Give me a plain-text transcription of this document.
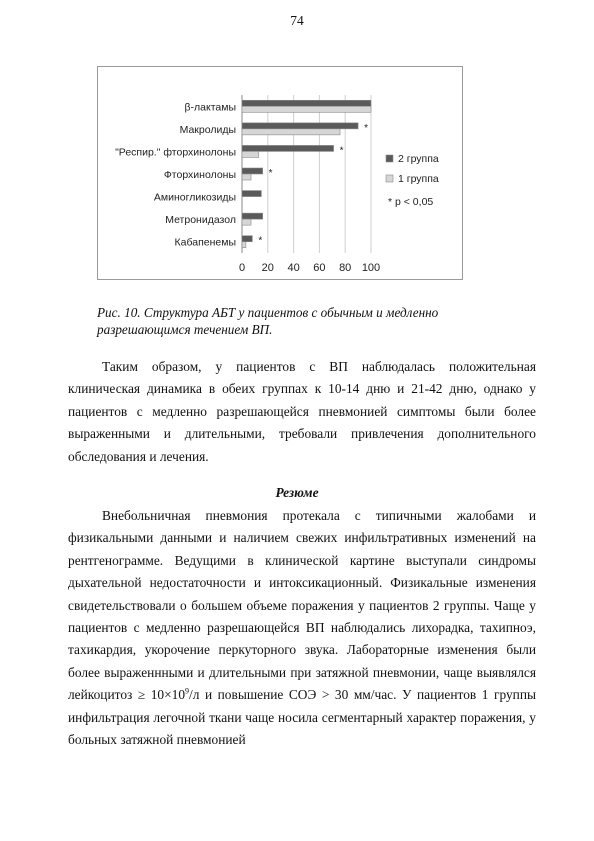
74
0 20 40 60 80 100
β-лактамы
Макролиды	*
"Респир." фторхинолоны	*
Фторхинолоны	*
Аминогликозиды
Метронидазол
Кабапенемы *
2 группа
1 группа
* p < 0,05
Рис. 10. Структура АБТ у пациентов с обычным и медленно
разрешающимся течением ВП.

Таким образом, у пациентов с ВП наблюдалась положительная клиническая динамика в обеих группах к 10-14 дню и 21-42 дню, однако у пациентов с медленно разрешающейся пневмонией симптомы были более выраженными и длительными, требовали привлечения дополнительного обследования и лечения.

Резюме

Внебольничная пневмония протекала с типичными жалобами и физикальными данными и наличием свежих инфильтративных изменений на рентгенограмме. Ведущими в клинической картине выступали синдромы дыхательной недостаточности и интоксикационный. Физикальные изменения свидетельствовали о большем объеме поражения у пациентов 2 группы. Чаще у пациентов с медленно разрешающейся ВП наблюдались лихорадка, тахипноэ, тахикардия, укорочение перкуторного звука. Лабораторные изменения были более выраженнными и длительными при затяжной пневмонии, чаще выявлялся лейкоцитоз ≥ $10\times 10^9/л$ и повышение СОЭ > 30 мм/час. У пациентов 1 группы инфильтрация легочной ткани чаще носила сегментарный характер поражения, у больных затяжной пневмонией
